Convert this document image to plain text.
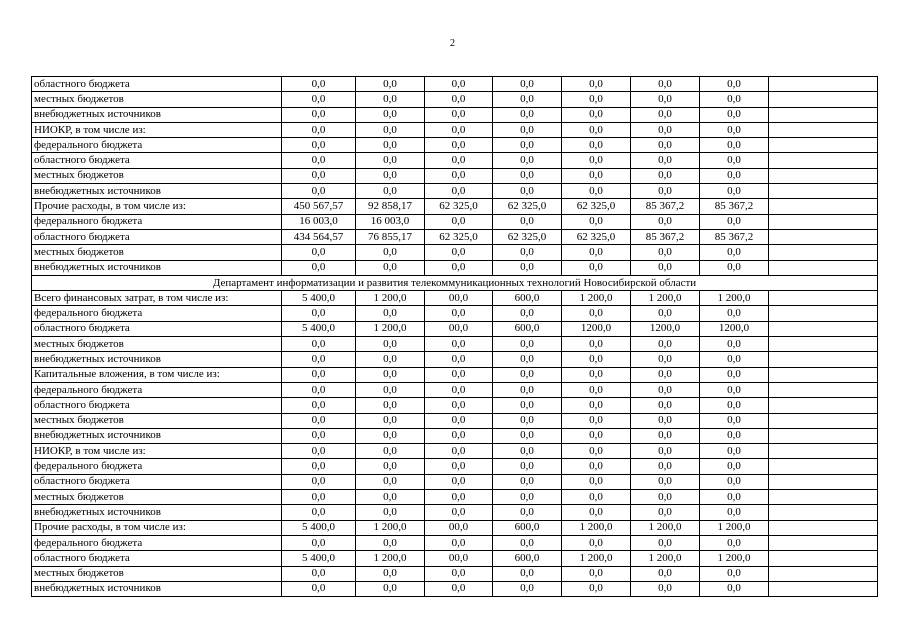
2
областного бюджета	0,0	0,0	0,0	0,0	0,0	0,0	0,0	
местных бюджетов	0,0	0,0	0,0	0,0	0,0	0,0	0,0	
внебюджетных источников	0,0	0,0	0,0	0,0	0,0	0,0	0,0	
НИОКР, в том числе из:	0,0	0,0	0,0	0,0	0,0	0,0	0,0	
федерального бюджета	0,0	0,0	0,0	0,0	0,0	0,0	0,0	
областного бюджета	0,0	0,0	0,0	0,0	0,0	0,0	0,0	
местных бюджетов	0,0	0,0	0,0	0,0	0,0	0,0	0,0	
внебюджетных источников	0,0	0,0	0,0	0,0	0,0	0,0	0,0	
Прочие расходы, в том числе из:	450 567,57	92 858,17	62 325,0	62 325,0	62 325,0	85 367,2	85 367,2	
федерального бюджета	16 003,0	16 003,0	0,0	0,0	0,0	0,0	0,0	
областного бюджета	434 564,57	76 855,17	62 325,0	62 325,0	62 325,0	85 367,2	85 367,2	
местных бюджетов	0,0	0,0	0,0	0,0	0,0	0,0	0,0	
внебюджетных источников	0,0	0,0	0,0	0,0	0,0	0,0	0,0	
Департамент информатизации и развития телекоммуникационных технологий Новосибирской области								
Всего финансовых затрат, в том числе из:	5 400,0	1 200,0	00,0	600,0	1 200,0	1 200,0	1 200,0	
федерального бюджета	0,0	0,0	0,0	0,0	0,0	0,0	0,0	
областного бюджета	5 400,0	1 200,0	00,0	600,0	1200,0	1200,0	1200,0	
местных бюджетов	0,0	0,0	0,0	0,0	0,0	0,0	0,0	
внебюджетных источников	0,0	0,0	0,0	0,0	0,0	0,0	0,0	
Капитальные вложения, в том числе из:	0,0	0,0	0,0	0,0	0,0	0,0	0,0	
федерального бюджета	0,0	0,0	0,0	0,0	0,0	0,0	0,0	
областного бюджета	0,0	0,0	0,0	0,0	0,0	0,0	0,0	
местных бюджетов	0,0	0,0	0,0	0,0	0,0	0,0	0,0	
внебюджетных источников	0,0	0,0	0,0	0,0	0,0	0,0	0,0	
НИОКР, в том числе из:	0,0	0,0	0,0	0,0	0,0	0,0	0,0	
федерального бюджета	0,0	0,0	0,0	0,0	0,0	0,0	0,0	
областного бюджета	0,0	0,0	0,0	0,0	0,0	0,0	0,0	
местных бюджетов	0,0	0,0	0,0	0,0	0,0	0,0	0,0	
внебюджетных источников	0,0	0,0	0,0	0,0	0,0	0,0	0,0	
Прочие расходы, в том числе из:	5 400,0	1 200,0	00,0	600,0	1 200,0	1 200,0	1 200,0	
федерального бюджета	0,0	0,0	0,0	0,0	0,0	0,0	0,0	
областного бюджета	5 400,0	1 200,0	00,0	600,0	1 200,0	1 200,0	1 200,0	
местных бюджетов	0,0	0,0	0,0	0,0	0,0	0,0	0,0	
внебюджетных источников	0,0	0,0	0,0	0,0	0,0	0,0	0,0	
